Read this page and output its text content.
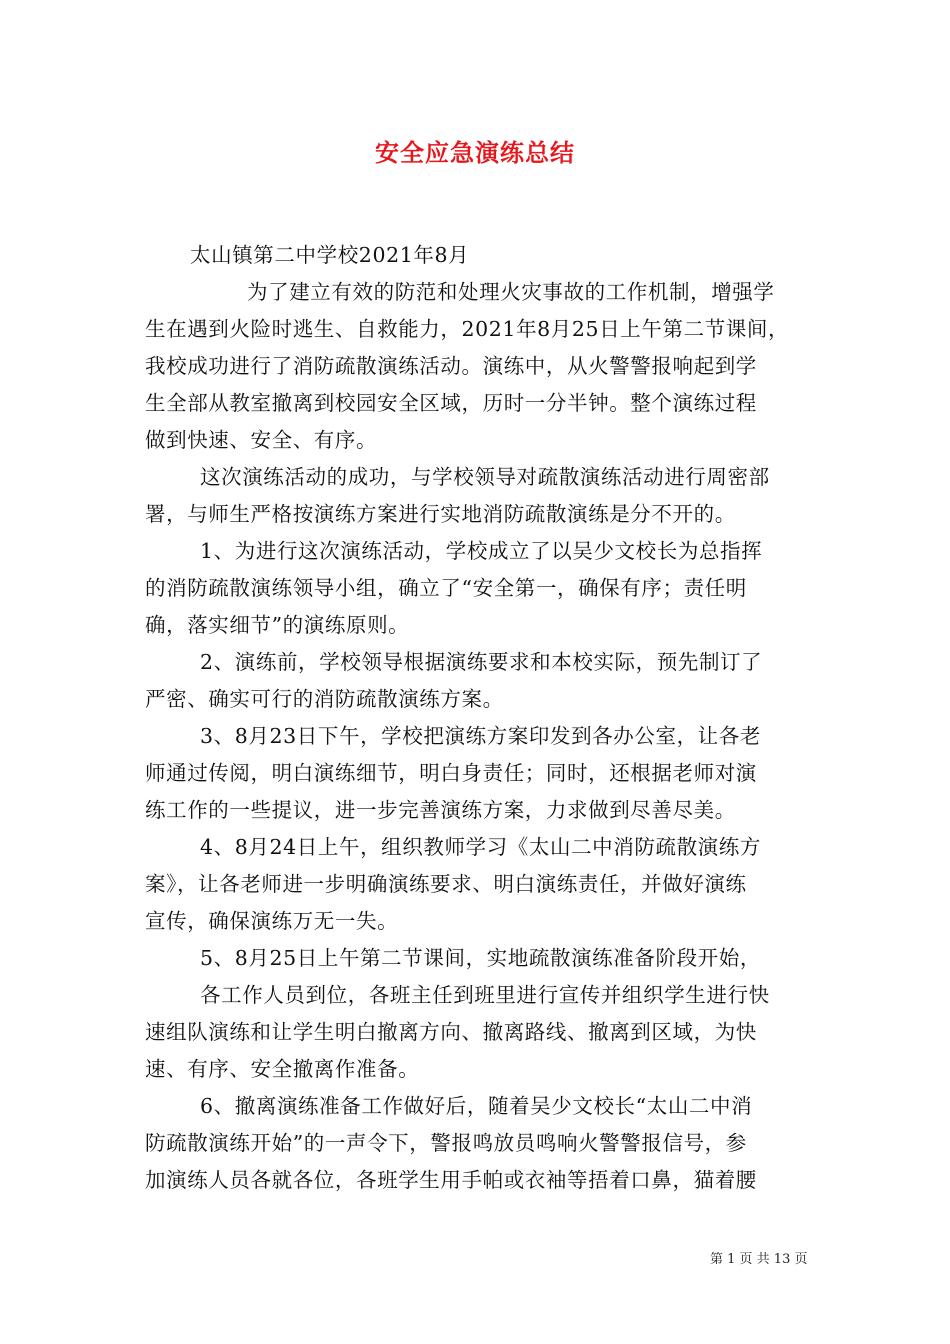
安全应急演练总结
太山镇第二中学校2021年8月
为了建立有效的防范和处理火灾事故的工作机制，增强学
生在遇到火险时逃生、自救能力，2021年8月25日上午第二节课间，
我校成功进行了消防疏散演练活动。演练中，从火警警报响起到学
生全部从教室撤离到校园安全区域，历时一分半钟。整个演练过程
做到快速、安全、有序。
这次演练活动的成功，与学校领导对疏散演练活动进行周密部
署，与师生严格按演练方案进行实地消防疏散演练是分不开的。
1、为进行这次演练活动，学校成立了以吴少文校长为总指挥
的消防疏散演练领导小组，确立了“安全第一，确保有序；责任明
确，落实细节”的演练原则。
2、演练前，学校领导根据演练要求和本校实际，预先制订了
严密、确实可行的消防疏散演练方案。
3、8月23日下午，学校把演练方案印发到各办公室，让各老
师通过传阅，明白演练细节，明白身责任；同时，还根据老师对演
练工作的一些提议，进一步完善演练方案，力求做到尽善尽美。
4、8月24日上午，组织教师学习《太山二中消防疏散演练方
案》，让各老师进一步明确演练要求、明白演练责任，并做好演练
宣传，确保演练万无一失。
5、8月25日上午第二节课间，实地疏散演练准备阶段开始，
各工作人员到位，各班主任到班里进行宣传并组织学生进行快
速组队演练和让学生明白撤离方向、撤离路线、撤离到区域，为快
速、有序、安全撤离作准备。
6、撤离演练准备工作做好后，随着吴少文校长“太山二中消
防疏散演练开始”的一声令下，警报鸣放员鸣响火警警报信号，参
加演练人员各就各位，各班学生用手帕或衣袖等捂着口鼻，猫着腰
第 1 页 共 13 页
